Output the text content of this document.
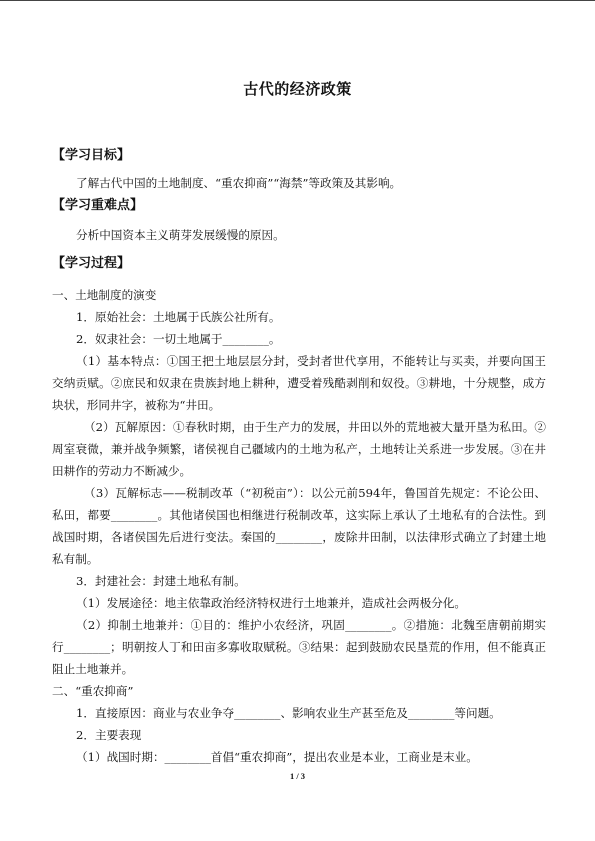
古代的经济政策
【学习目标】

了解古代中国的土地制度、“重农抑商”“海禁”等政策及其影响。

【学习重难点】

分析中国资本主义萌芽发展缓慢的原因。

【学习过程】

一、土地制度的演变

1．原始社会：土地属于氏族公社所有。

2．奴隶社会：一切土地属于________。

（1）基本特点：①国王把土地层层分封，受封者世代享用，不能转让与买卖，并要向国王交纳贡赋。②庶民和奴隶在贵族封地上耕种，遭受着残酷剥削和奴役。③耕地，十分规整，成方块状，形同井字，被称为“井田。

（2）瓦解原因：①春秋时期，由于生产力的发展，井田以外的荒地被大量开垦为私田。②周室衰微，兼并战争频繁，诸侯视自己疆域内的土地为私产，土地转让关系进一步发展。③在井田耕作的劳动力不断减少。

（3）瓦解标志——税制改革（“初税亩”）：以公元前594年，鲁国首先规定：不论公田、私田，都要________。其他诸侯国也相继进行税制改革，这实际上承认了土地私有的合法性。到战国时期，各诸侯国先后进行变法。秦国的________，废除井田制，以法律形式确立了封建土地私有制。

3．封建社会：封建土地私有制。

（1）发展途径：地主依靠政治经济特权进行土地兼并，造成社会两极分化。

（2）抑制土地兼并：①目的：维护小农经济，巩固________。②措施：北魏至唐朝前期实行________；明朝按人丁和田亩多寡收取赋税。③结果：起到鼓励农民垦荒的作用，但不能真正阻止土地兼并。

二、“重农抑商”

1．直接原因：商业与农业争夺________、影响农业生产甚至危及________等问题。

2．主要表现

（1）战国时期：________首倡“重农抑商”，提出农业是本业，工商业是末业。

1 / 3
